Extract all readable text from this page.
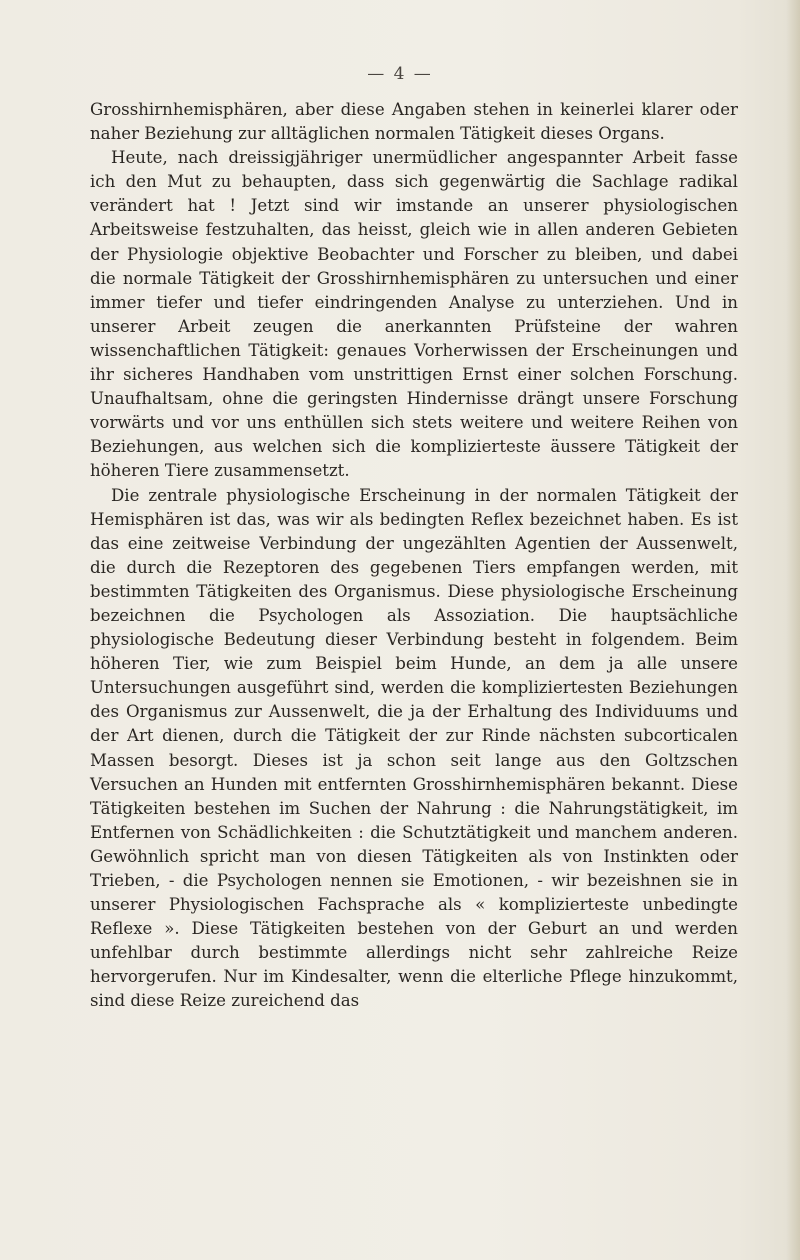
— 4 —

Grosshirnhemisphären, aber diese Angaben stehen in keinerlei klarer oder naher Beziehung zur alltäglichen normalen Tätigkeit dieses Organs.

Heute, nach dreissigjähriger unermüdlicher angespannter Arbeit fasse ich den Mut zu behaupten, dass sich gegenwärtig die Sachlage radikal verändert hat ! Jetzt sind wir imstande an unserer physiologischen Arbeitsweise festzuhalten, das heisst, gleich wie in allen anderen Gebieten der Physiologie objektive Beobachter und Forscher zu bleiben, und dabei die normale Tätigkeit der Grosshirnhemisphären zu untersuchen und einer immer tiefer und tiefer eindringenden Analyse zu unterziehen. Und in unserer Arbeit zeugen die anerkannten Prüfsteine der wahren wissenchaftlichen Tätigkeit: genaues Vorherwissen der Erscheinungen und ihr sicheres Handhaben vom unstrittigen Ernst einer solchen Forschung. Unaufhaltsam, ohne die geringsten Hindernisse drängt unsere Forschung vorwärts und vor uns enthüllen sich stets weitere und weitere Reihen von Beziehungen, aus welchen sich die komplizierteste äussere Tätigkeit der höheren Tiere zusammensetzt.

Die zentrale physiologische Erscheinung in der normalen Tätigkeit der Hemisphären ist das, was wir als bedingten Reflex bezeichnet haben. Es ist das eine zeitweise Verbindung der ungezählten Agentien der Aussenwelt, die durch die Rezeptoren des gegebenen Tiers empfangen werden, mit bestimmten Tätigkeiten des Organismus. Diese physiologische Erscheinung bezeichnen die Psychologen als Assoziation. Die hauptsächliche physiologische Bedeutung dieser Verbindung besteht in folgendem. Beim höheren Tier, wie zum Beispiel beim Hunde, an dem ja alle unsere Untersuchungen ausgeführt sind, werden die kompliziertesten Beziehungen des Organismus zur Aussenwelt, die ja der Erhaltung des Individuums und der Art dienen, durch die Tätigkeit der zur Rinde nächsten subcorticalen Massen besorgt. Dieses ist ja schon seit lange aus den Goltzschen Versuchen an Hunden mit entfernten Grosshirnhemisphären bekannt. Diese Tätigkeiten bestehen im Suchen der Nahrung : die Nahrungstätigkeit, im Entfernen von Schädlichkeiten : die Schutztätigkeit und manchem anderen. Gewöhnlich spricht man von diesen Tätigkeiten als von Instinkten oder Trieben, - die Psychologen nennen sie Emotionen, - wir bezeishnen sie in unserer Physiologischen Fachsprache als « komplizierteste unbedingte Reflexe ». Diese Tätigkeiten bestehen von der Geburt an und werden unfehlbar durch bestimmte allerdings nicht sehr zahlreiche Reize hervorgerufen. Nur im Kindesalter, wenn die elterliche Pflege hinzukommt, sind diese Reize zureichend das
